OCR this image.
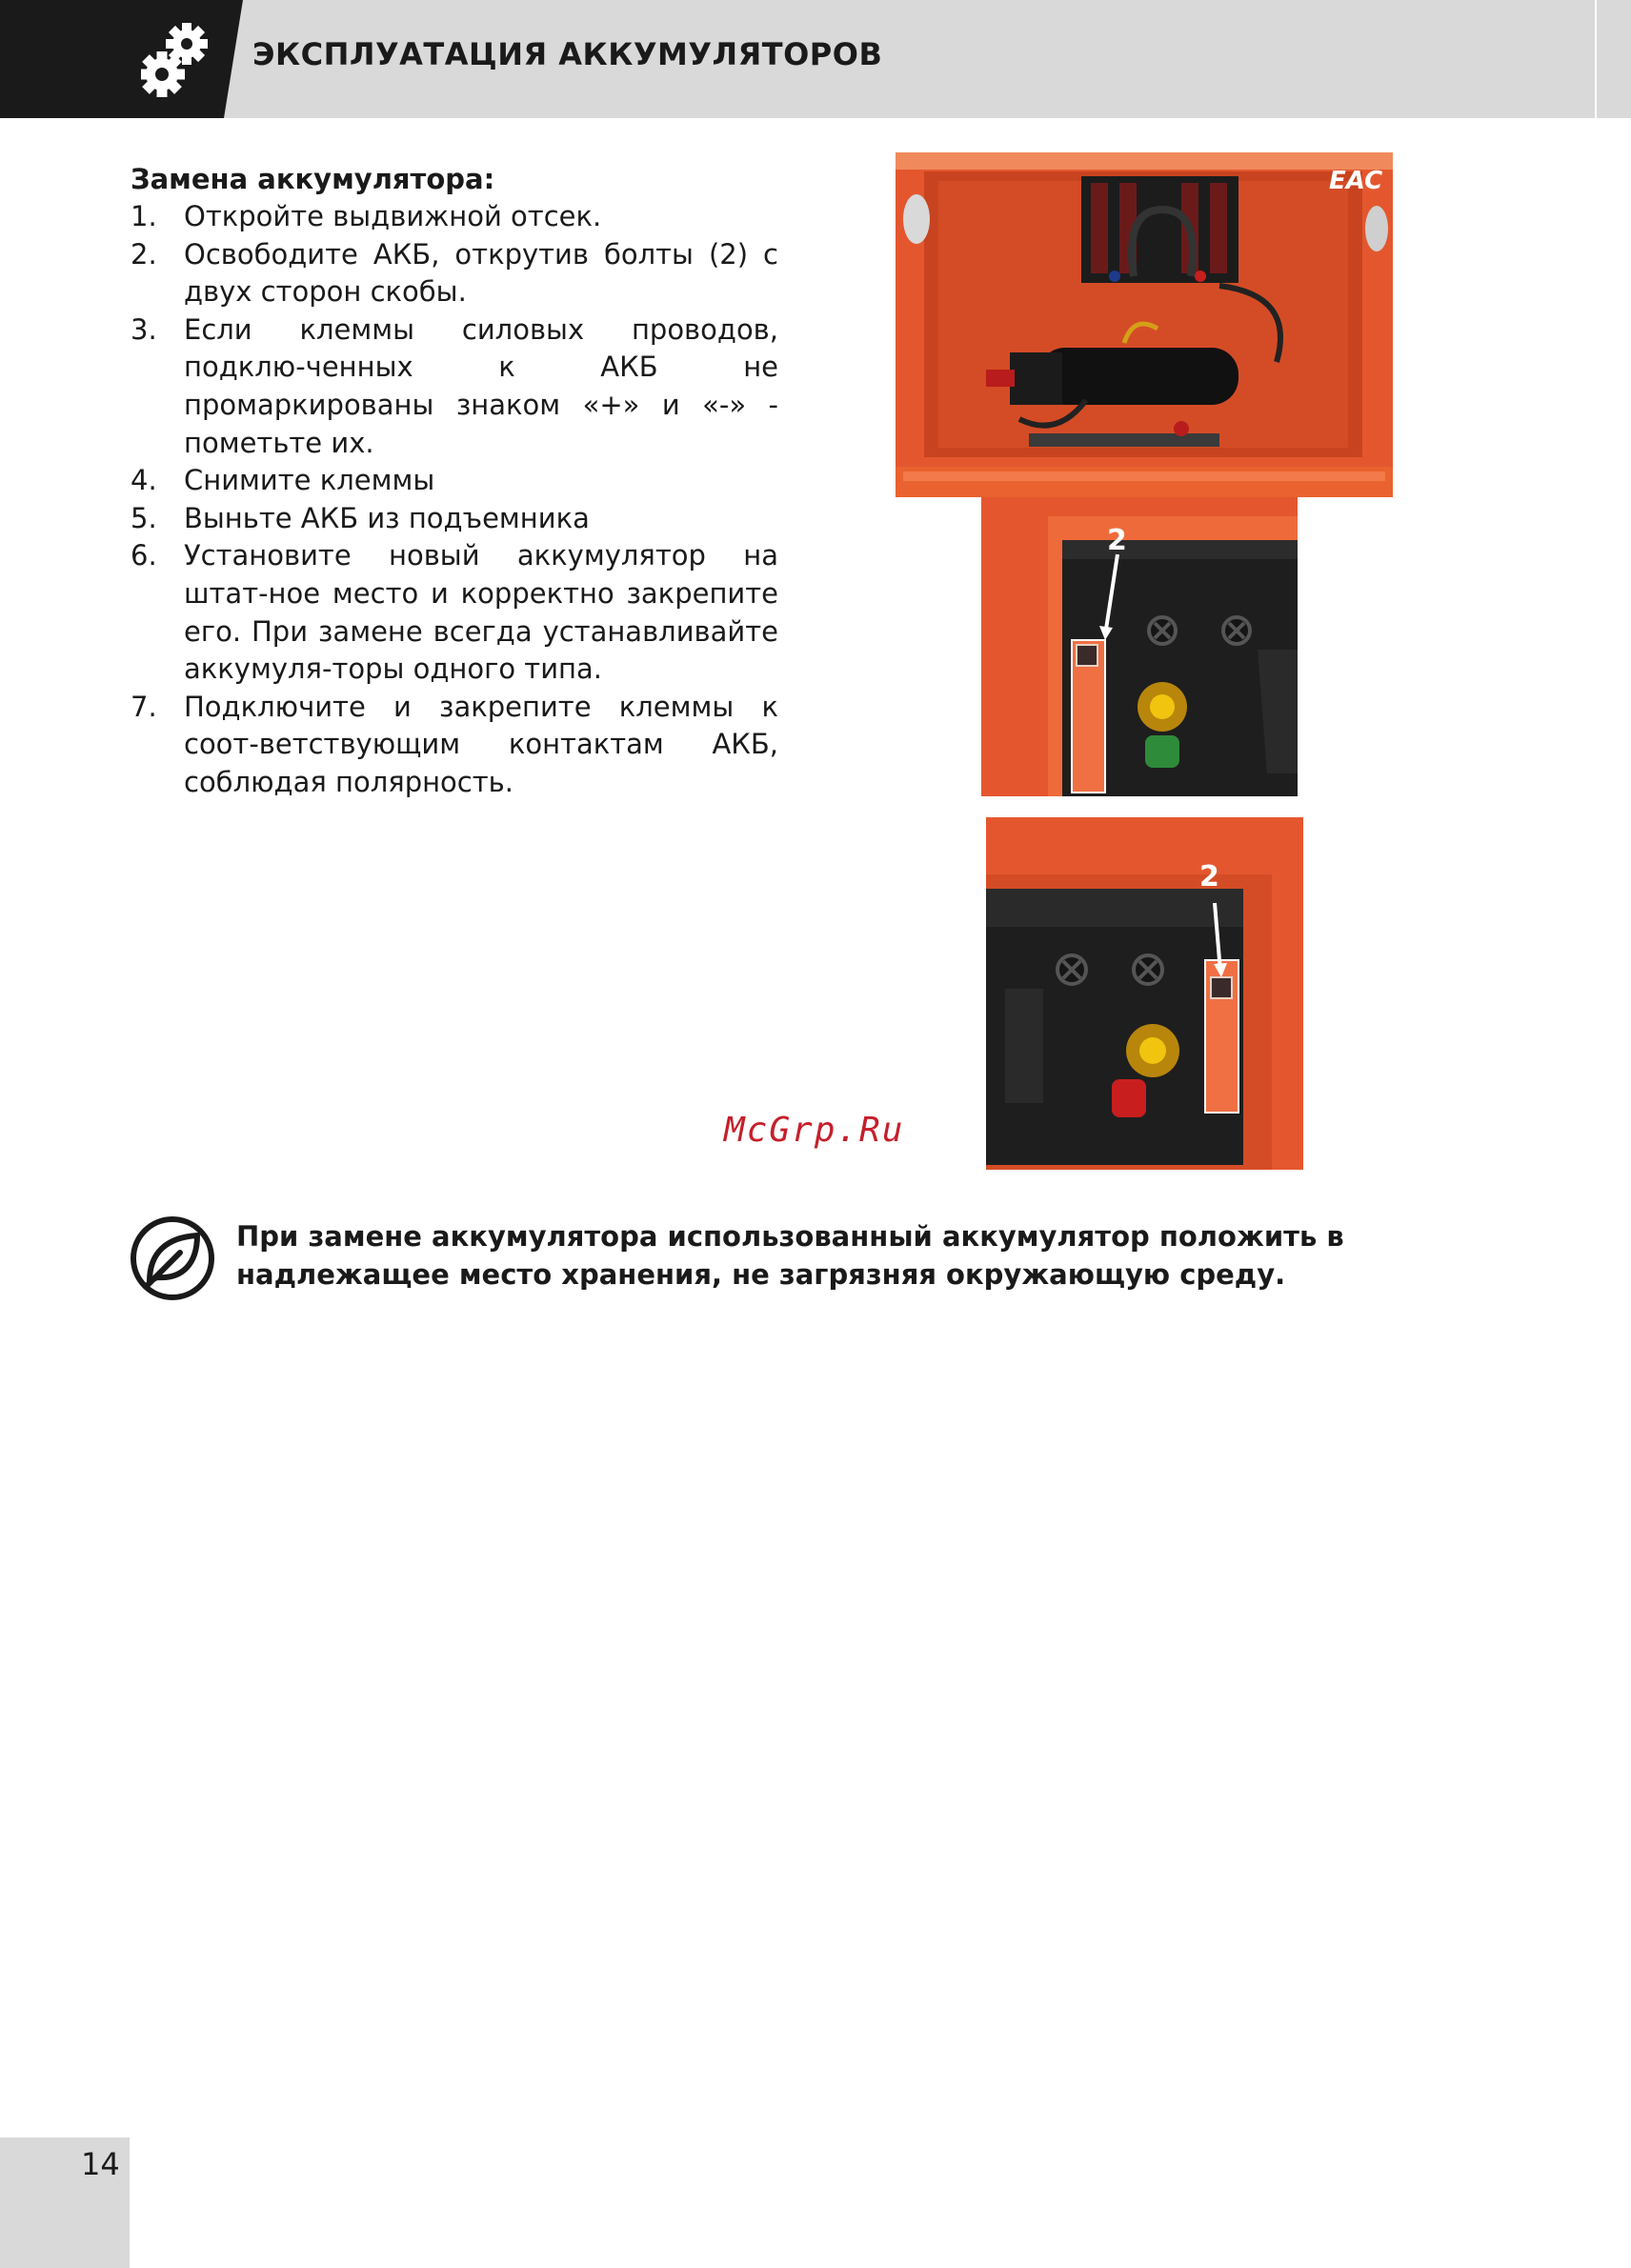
ЭКСПЛУАТАЦИЯ АККУМУЛЯТОРОВ

Замена аккумулятора:

1. Откройте выдвижной отсек.
2. Освободите АКБ, открутив болты (2) с двух сторон скобы.
3. Если клеммы силовых проводов, подклю-ченных к АКБ не промаркированы знаком «+» и «-» - пометьте их.
4. Снимите клеммы
5. Выньте АКБ из подъемника
6. Установите новый аккумулятор на штат-ное место и корректно закрепите его. При замене всегда устанавливайте аккумуля-торы одного типа.
7. Подключите и закрепите клеммы к соот-ветствующим контактам АКБ, соблюдая полярность.
EAC
2
2
McGrp.Ru
При замене аккумулятора использованный аккумулятор положить в надлежащее место хранения, не загрязняя окружающую среду.
14
